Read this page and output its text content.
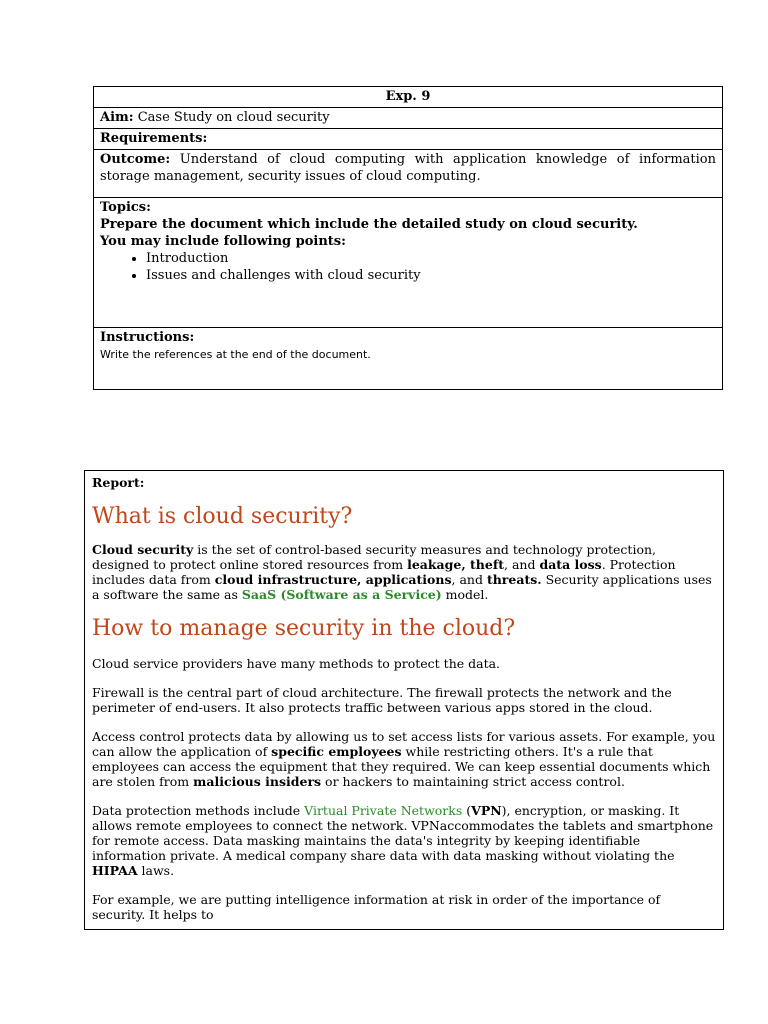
Exp. 9
Aim: Case Study on cloud security
Requirements:
Outcome: Understand of cloud computing with application knowledge of information storage management, security issues of cloud computing.

Topics:
Prepare the document which include the detailed study on cloud security.
You may include following points:
• Introduction
• Issues and challenges with cloud security

Instructions:
Write the references at the end of the document.
Report:
What is cloud security?

Cloud security is the set of control-based security measures and technology protection, designed to protect online stored resources from leakage, theft, and data loss. Protection includes data from cloud infrastructure, applications, and threats. Security applications uses a software the same as SaaS (Software as a Service) model.

How to manage security in the cloud?

Cloud service providers have many methods to protect the data.

Firewall is the central part of cloud architecture. The firewall protects the network and the perimeter of end-users. It also protects traffic between various apps stored in the cloud.

Access control protects data by allowing us to set access lists for various assets. For example, you can allow the application of specific employees while restricting others. It's a rule that employees can access the equipment that they required. We can keep essential documents which are stolen from malicious insiders or hackers to maintaining strict access control.

Data protection methods include Virtual Private Networks (VPN), encryption, or masking. It allows remote employees to connect the network. VPNaccommodates the tablets and smartphone for remote access. Data masking maintains the data's integrity by keeping identifiable information private. A medical company share data with data masking without violating the HIPAA laws.

For example, we are putting intelligence information at risk in order of the importance of security. It helps to
